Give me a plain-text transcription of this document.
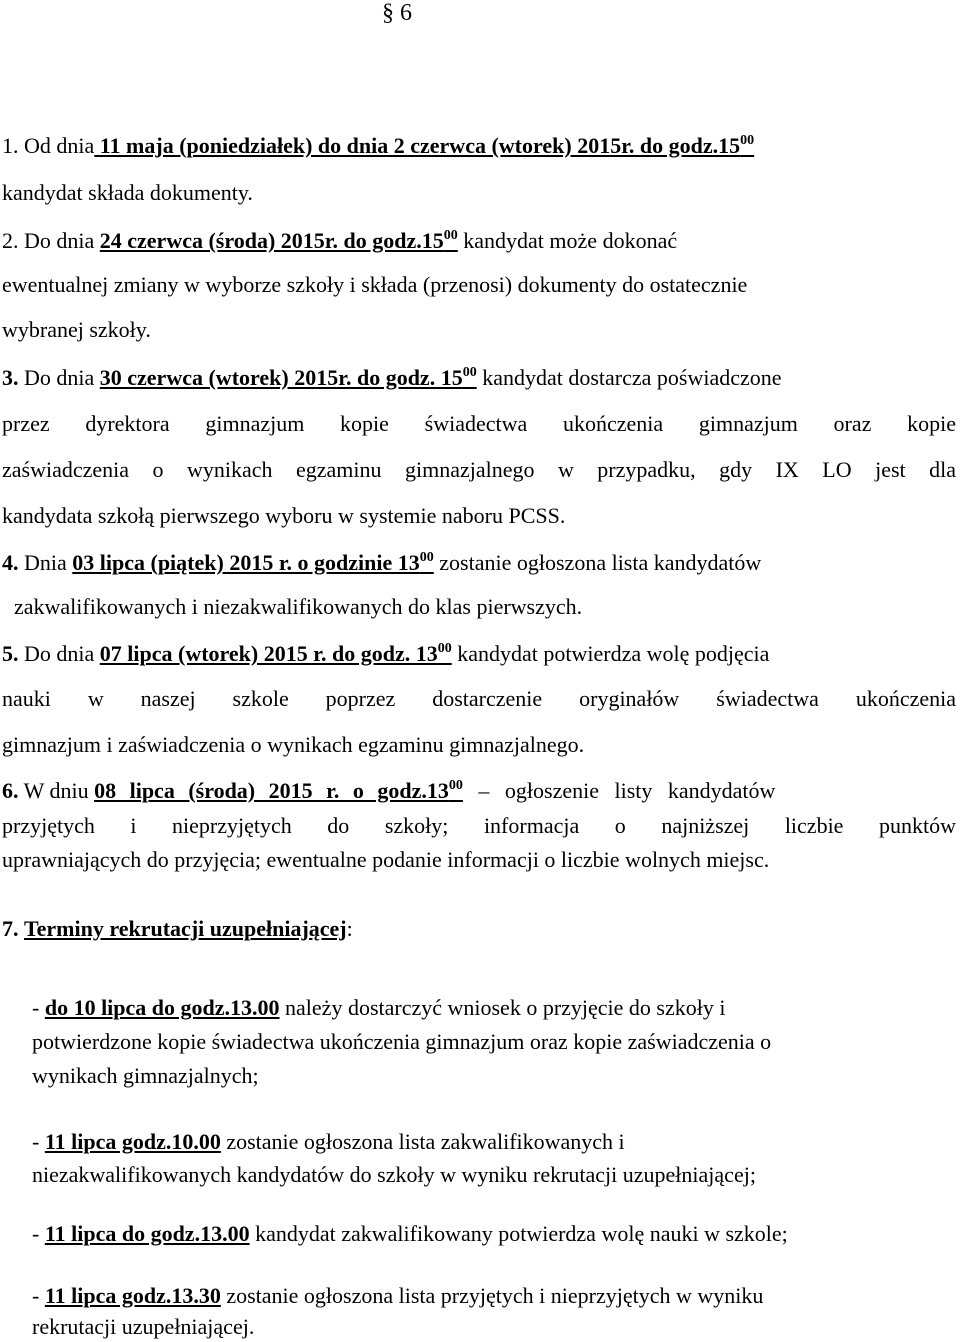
§ 6
1. Od dnia 11 maja (poniedziałek) do dnia 2 czerwca (wtorek) 2015r. do $godz.15^{00}$
kandydat składa dokumenty.
2. Do dnia 24 czerwca (środa) 2015r. do $godz.15^{00}$ kandydat może dokonać
ewentualnej zmiany w wyborze szkoły i składa (przenosi) dokumenty do ostatecznie
wybranej szkoły.
3. Do dnia 30 czerwca (wtorek) 2015r. do godz. $15^{00}$ kandydat dostarcza poświadczone
przez dyrektora gimnazjum kopie świadectwa ukończenia gimnazjum oraz kopie
zaświadczenia o wynikach egzaminu gimnazjalnego w przypadku, gdy IX LO jest dla
kandydata szkołą pierwszego wyboru w systemie naboru PCSS.
4. Dnia 03 lipca (piątek) 2015 r. o godzinie $13^{00}$ zostanie ogłoszona lista kandydatów
zakwalifikowanych i niezakwalifikowanych do klas pierwszych.
5. Do dnia 07 lipca (wtorek) 2015 r. do godz. $13^{00}$ kandydat potwierdza wolę podjęcia
nauki w naszej szkole poprzez dostarczenie oryginałów świadectwa ukończenia
gimnazjum i zaświadczenia o wynikach egzaminu gimnazjalnego.
6. W dniu 08 lipca (środa) 2015 r. o $godz.13^{00}$ – ogłoszenie listy kandydatów
przyjętych i nieprzyjętych do szkoły; informacja o najniższej liczbie punktów
uprawniających do przyjęcia; ewentualne podanie informacji o liczbie wolnych miejsc.
7. Terminy rekrutacji uzupełniającej:
- do 10 lipca do godz.13.00 należy dostarczyć wniosek o przyjęcie do szkoły i
potwierdzone kopie świadectwa ukończenia gimnazjum oraz kopie zaświadczenia o
wynikach gimnazjalnych;
- 11 lipca godz.10.00 zostanie ogłoszona lista zakwalifikowanych i
niezakwalifikowanych kandydatów do szkoły w wyniku rekrutacji uzupełniającej;
- 11 lipca do godz.13.00 kandydat zakwalifikowany potwierdza wolę nauki w szkole;
- 11 lipca godz.13.30 zostanie ogłoszona lista przyjętych i nieprzyjętych w wyniku
rekrutacji uzupełniającej.
